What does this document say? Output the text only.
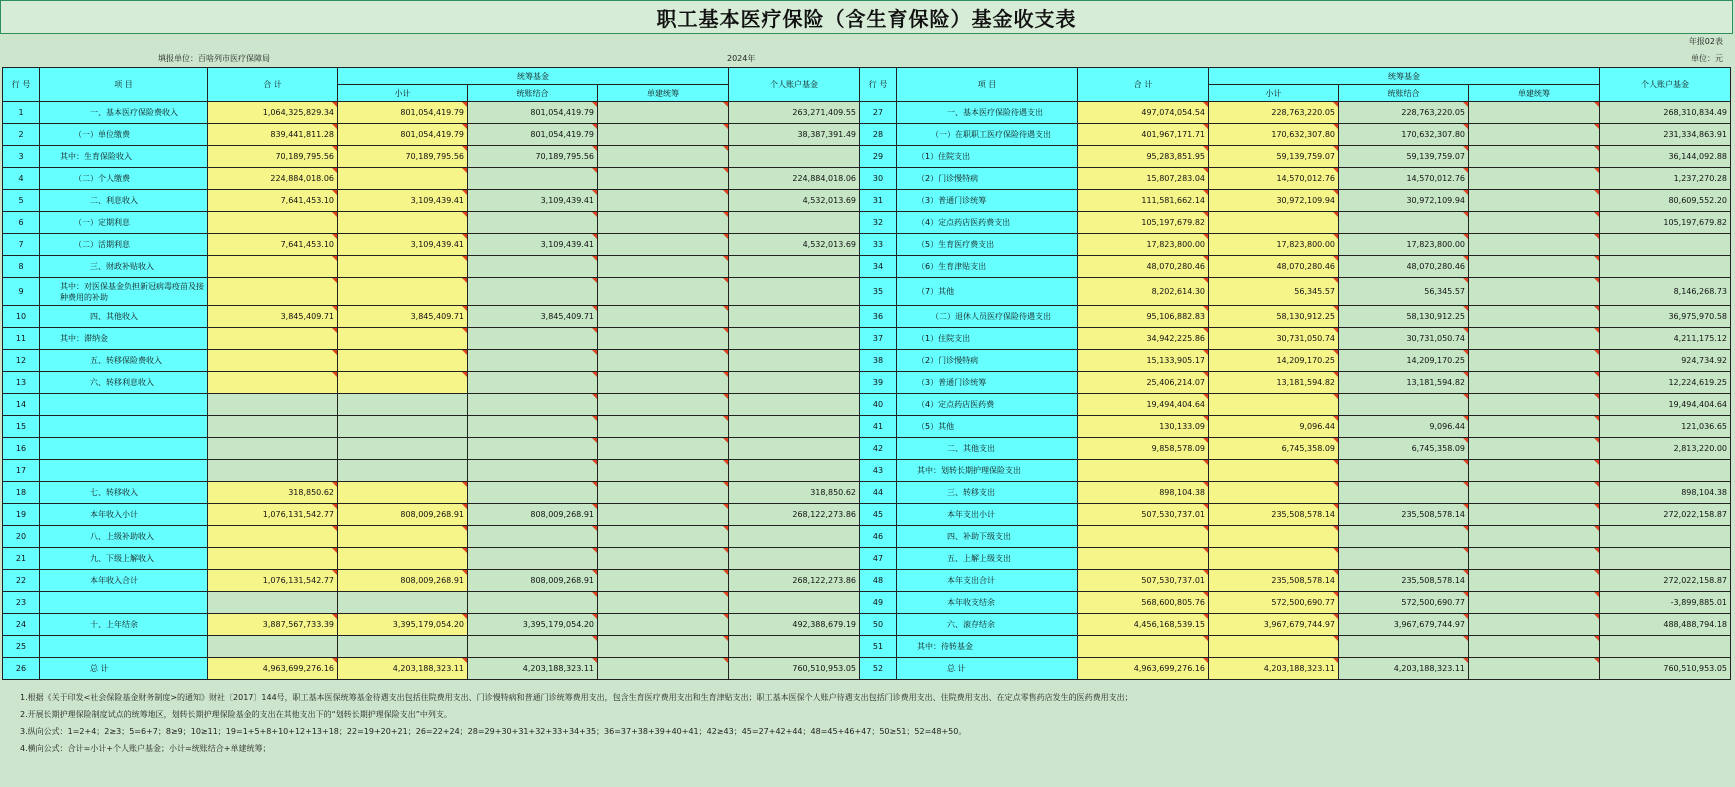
职工基本医疗保险（含生育保险）基金收支表
年报02表
填报单位：百啥列市医疗保障局	2024年	单位：元
行 号	项 目	合 计	统筹基金			个人账户基金	行 号	项 目	合 计	统筹基金			个人账户基金
			小计	统账结合	单建统筹					小计	统账结合	单建统筹	
1	一、基本医疗保险费收入	1,064,325,829.34	801,054,419.79	801,054,419.79		263,271,409.55	27	一、基本医疗保险待遇支出	497,074,054.54	228,763,220.05	228,763,220.05		268,310,834.49
2	（一）单位缴费	839,441,811.28	801,054,419.79	801,054,419.79		38,387,391.49	28	（一）在职职工医疗保险待遇支出	401,967,171.71	170,632,307.80	170,632,307.80		231,334,863.91
3	其中：生育保险收入	70,189,795.56	70,189,795.56	70,189,795.56			29	（1）住院支出	95,283,851.95	59,139,759.07	59,139,759.07		36,144,092.88
4	（二）个人缴费	224,884,018.06				224,884,018.06	30	（2）门诊慢特病	15,807,283.04	14,570,012.76	14,570,012.76		1,237,270.28
5	二、利息收入	7,641,453.10	3,109,439.41	3,109,439.41		4,532,013.69	31	（3）普通门诊统筹	111,581,662.14	30,972,109.94	30,972,109.94		80,609,552.20
6	（一）定期利息						32	（4）定点药店医药费支出	105,197,679.82				105,197,679.82
7	（二）活期利息	7,641,453.10	3,109,439.41	3,109,439.41		4,532,013.69	33	（5）生育医疗费支出	17,823,800.00	17,823,800.00	17,823,800.00		
8	三、财政补贴收入						34	（6）生育津贴支出	48,070,280.46	48,070,280.46	48,070,280.46		
9	其中：对医保基金负担新冠病毒疫苗及接种费用的补助						35	（7）其他	8,202,614.30	56,345.57	56,345.57		8,146,268.73
10	四、其他收入	3,845,409.71	3,845,409.71	3,845,409.71			36	（二）退休人员医疗保险待遇支出	95,106,882.83	58,130,912.25	58,130,912.25		36,975,970.58
11	其中：滞纳金						37	（1）住院支出	34,942,225.86	30,731,050.74	30,731,050.74		4,211,175.12
12	五、转移保险费收入						38	（2）门诊慢特病	15,133,905.17	14,209,170.25	14,209,170.25		924,734.92
13	六、转移利息收入						39	（3）普通门诊统筹	25,406,214.07	13,181,594.82	13,181,594.82		12,224,619.25
14							40	（4）定点药店医药费	19,494,404.64				19,494,404.64
15							41	（5）其他	130,133.09	9,096.44	9,096.44		121,036.65
16							42	二、其他支出	9,858,578.09	6,745,358.09	6,745,358.09		2,813,220.00
17							43	其中：划转长期护理保险支出					
18	七、转移收入	318,850.62				318,850.62	44	三、转移支出	898,104.38				898,104.38
19	本年收入小计	1,076,131,542.77	808,009,268.91	808,009,268.91		268,122,273.86	45	本年支出小计	507,530,737.01	235,508,578.14	235,508,578.14		272,022,158.87
20	八、上级补助收入						46	四、补助下级支出					
21	九、下级上解收入						47	五、上解上级支出					
22	本年收入合计	1,076,131,542.77	808,009,268.91	808,009,268.91		268,122,273.86	48	本年支出合计	507,530,737.01	235,508,578.14	235,508,578.14		272,022,158.87
23							49	本年收支结余	568,600,805.76	572,500,690.77	572,500,690.77		-3,899,885.01
24	十、上年结余	3,887,567,733.39	3,395,179,054.20	3,395,179,054.20		492,388,679.19	50	六、滚存结余	4,456,168,539.15	3,967,679,744.97	3,967,679,744.97		488,488,794.18
25							51	其中：待转基金					
26	总 计	4,963,699,276.16	4,203,188,323.11	4,203,188,323.11		760,510,953.05	52	总 计	4,963,699,276.16	4,203,188,323.11	4,203,188,323.11		760,510,953.05
1.根据《关于印发<社会保险基金财务制度>的通知》财社〔2017〕144号，职工基本医保统筹基金待遇支出包括住院费用支出、门诊慢特病和普通门诊统筹费用支出，包含生育医疗费用支出和生育津贴支出；职工基本医保个人账户待遇支出包括门诊费用支出、住院费用支出、在定点零售药店发生的医药费用支出；
2.开展长期护理保险制度试点的统筹地区，划转长期护理保险基金的支出在其他支出下的“划转长期护理保险支出”中列支。
3.纵向公式：1=2+4；2≥3；5=6+7；8≥9；10≥11；19=1+5+8+10+12+13+18；22=19+20+21；26=22+24；28=29+30+31+32+33+34+35；36=37+38+39+40+41；42≥43；45=27+42+44；48=45+46+47；50≥51；52=48+50。
4.横向公式：合计=小计+个人账户基金；小计=统账结合+单建统筹；
